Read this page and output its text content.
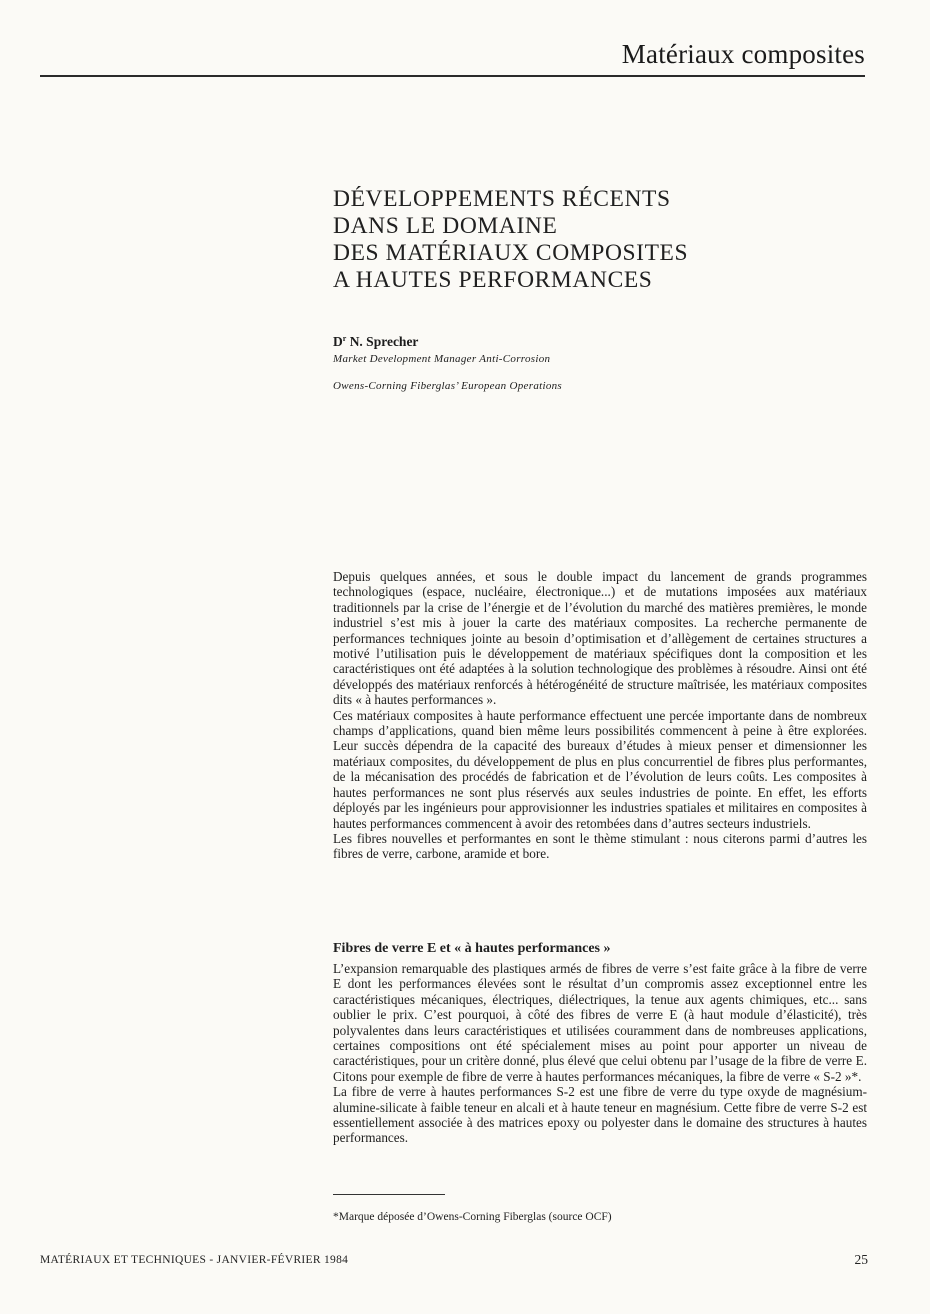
Matériaux composites
DÉVELOPPEMENTS RÉCENTS
DANS LE DOMAINE
DES MATÉRIAUX COMPOSITES
A HAUTES PERFORMANCES
$D^r$ N. Sprecher
Market Development Manager Anti-Corrosion
Owens-Corning Fiberglas’ European Operations

Depuis quelques années, et sous le double impact du lancement de grands programmes technologiques (espace, nucléaire, électronique...) et de mutations imposées aux matériaux traditionnels par la crise de l’énergie et de l’évolution du marché des matières premières, le monde industriel s’est mis à jouer la carte des matériaux composites. La recherche permanente de performances techniques jointe au besoin d’optimisation et d’allègement de certaines structures a motivé l’utilisation puis le développement de matériaux spécifiques dont la composition et les caractéristiques ont été adaptées à la solution technologique des problèmes à résoudre. Ainsi ont été développés des matériaux renforcés à hétérogénéité de structure maîtrisée, les matériaux composites dits « à hautes performances ».

Ces matériaux composites à haute performance effectuent une percée importante dans de nombreux champs d’applications, quand bien même leurs possibilités commencent à peine à être explorées. Leur succès dépendra de la capacité des bureaux d’études à mieux penser et dimensionner les matériaux composites, du développement de plus en plus concurrentiel de fibres plus performantes, de la mécanisation des procédés de fabrication et de l’évolution de leurs coûts. Les composites à hautes performances ne sont plus réservés aux seules industries de pointe. En effet, les efforts déployés par les ingénieurs pour approvisionner les industries spatiales et militaires en composites à hautes performances commencent à avoir des retombées dans d’autres secteurs industriels.

Les fibres nouvelles et performantes en sont le thème stimulant : nous citerons parmi d’autres les fibres de verre, carbone, aramide et bore.

Fibres de verre E et « à hautes performances »

L’expansion remarquable des plastiques armés de fibres de verre s’est faite grâce à la fibre de verre E dont les performances élevées sont le résultat d’un compromis assez exceptionnel entre les caractéristiques mécaniques, électriques, diélectriques, la tenue aux agents chimiques, etc... sans oublier le prix. C’est pourquoi, à côté des fibres de verre E (à haut module d’élasticité), très polyvalentes dans leurs caractéristiques et utilisées couramment dans de nombreuses applications, certaines compositions ont été spécialement mises au point pour apporter un niveau de caractéristiques, pour un critère donné, plus élevé que celui obtenu par l’usage de la fibre de verre E. Citons pour exemple de fibre de verre à hautes performances mécaniques, la fibre de verre « S-2 »*.

La fibre de verre à hautes performances S-2 est une fibre de verre du type oxyde de magnésium-alumine-silicate à faible teneur en alcali et à haute teneur en magnésium. Cette fibre de verre S-2 est essentiellement associée à des matrices epoxy ou polyester dans le domaine des structures à hautes performances.

*Marque déposée d’Owens-Corning Fiberglas (source OCF)
MATÉRIAUX ET TECHNIQUES - JANVIER-FÉVRIER 1984	25
